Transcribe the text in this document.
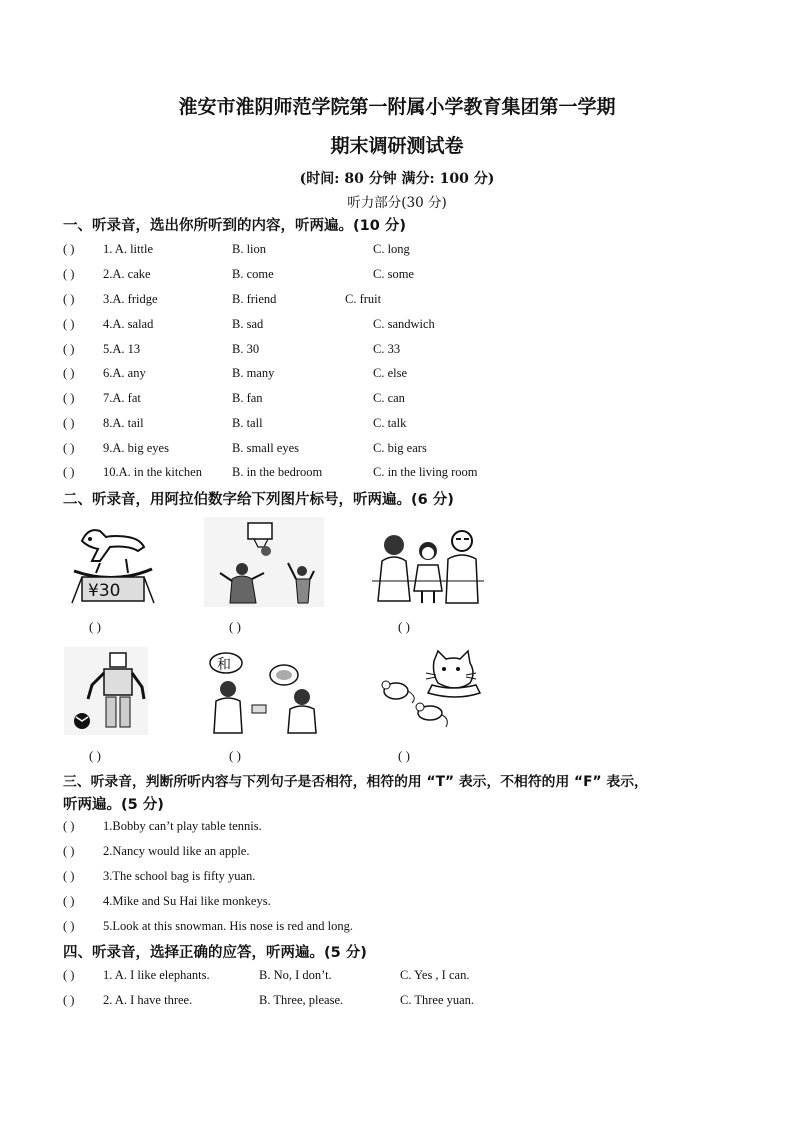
淮安市淮阴师范学院第一附属小学教育集团第一学期
期末调研测试卷
(时间: 80 分钟 满分: 100 分)
听力部分(30 分)
一、听录音，选出你所听到的内容，听两遍。(10 分)
( ) 1. A. little	B. lion	C. long
( ) 2.A. cake	B. come	C. some
( ) 3.A. fridge	B. friend	C. fruit
( ) 4.A. salad	B. sad	C. sandwich
( ) 5.A. 13	B. 30	C. 33
( ) 6.A. any	B. many	C. else
( ) 7.A. fat	B. fan	C. can
( ) 8.A. tail	B. tall	C. talk
( ) 9.A. big eyes	B. small eyes	C. big ears
( ) 10.A. in the kitchen B. in the bedroom	C. in the living room
二、听录音，用阿拉伯数字给下列图片标号，听两遍。(6 分)
¥30
和
( )	( )	( )
( )	( )	( )
三、听录音，判断所听内容与下列句子是否相符，相符的用 “T” 表示，不相符的用 “F” 表示，
听两遍。(5 分)
( ) 1.Bobby can’t play table tennis.
( ) 2.Nancy would like an apple.
( ) 3.The school bag is fifty yuan.
( ) 4.Mike and Su Hai like monkeys.
( ) 5.Look at this snowman. His nose is red and long.
四、听录音，选择正确的应答，听两遍。(5 分)
( ) 1. A. I like elephants.	B. No, I don’t.	C. Yes , I can.
( ) 2. A. I have three.	B. Three, please.	C. Three yuan.
